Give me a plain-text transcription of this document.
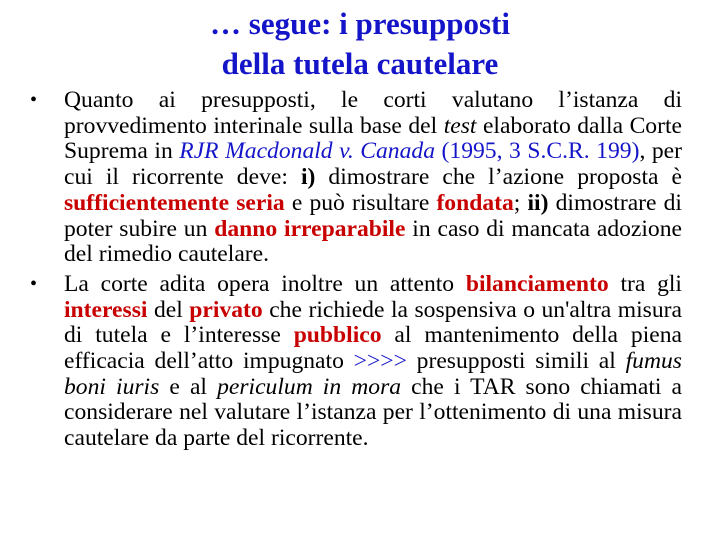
… segue: i presupposti
della tutela cautelare
•	Quanto ai presupposti, le corti valutano l’istanza di provvedimento interinale sulla base del test elaborato dalla Corte Suprema in RJR Macdonald v. Canada (1995, 3 S.C.R. 199), per cui il ricorrente deve: i) dimostrare che l’azione proposta è sufficientemente seria e può risultare fondata; ii) dimostrare di poter subire un danno irreparabile in caso di mancata adozione del rimedio cautelare.
•	La corte adita opera inoltre un attento bilanciamento tra gli interessi del privato che richiede la sospensiva o un'altra misura di tutela e l’interesse pubblico al mantenimento della piena efficacia dell’atto impugnato >>>> presupposti simili al fumus boni iuris e al periculum in mora che i TAR sono chiamati a considerare nel valutare l’istanza per l’ottenimento di una misura cautelare da parte del ricorrente.
